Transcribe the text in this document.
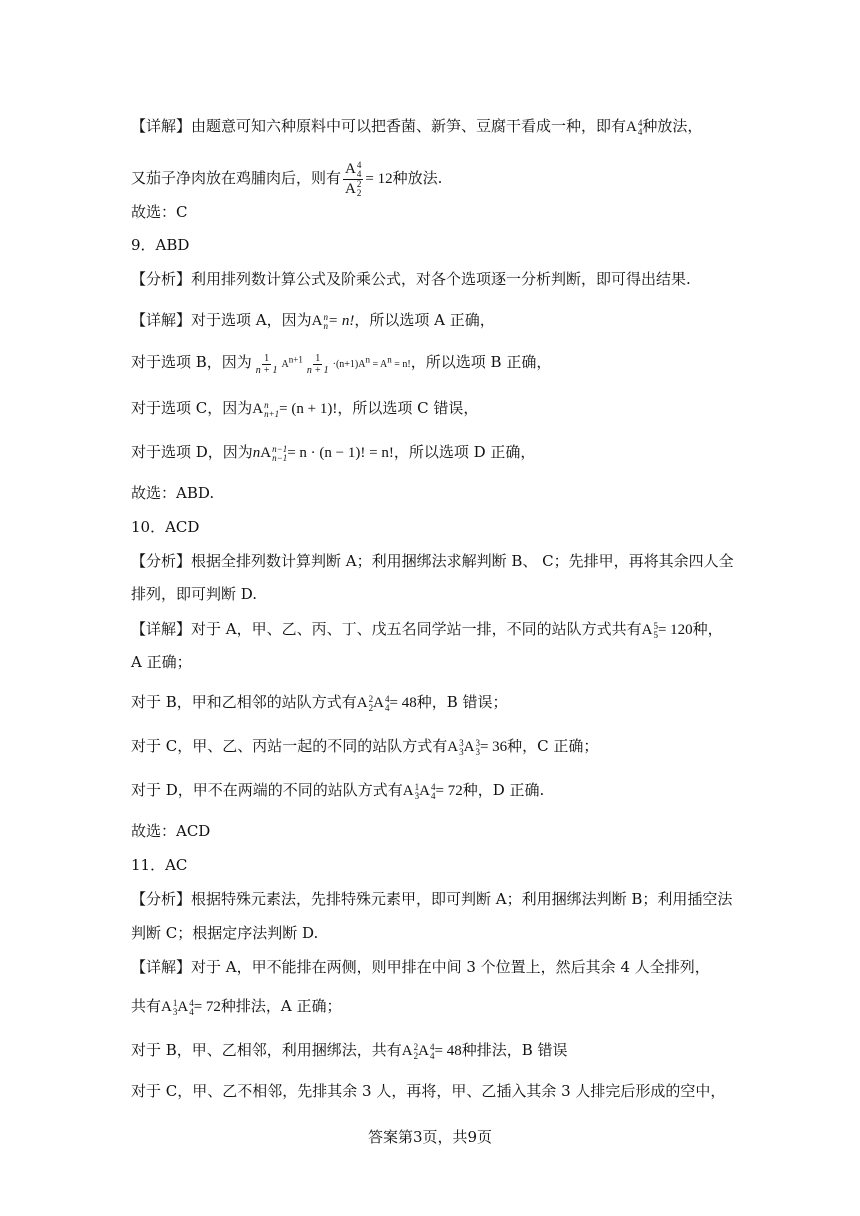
【详解】由题意可知六种原料中可以把香菌、新笋、豆腐干看成一种，即有A 4
4 种放法，
又茄子净肉放在鸡脯肉后，则有 A 4
4
A 2
2 = 12种放法.
故选：C
9．ABD
【分析】利用排列数计算公式及阶乘公式，对各个选项逐一分析判断，即可得出结果.
【详解】对于选项 A，因为A n
n = n!，所以选项 A 正确，
对于选项 B，因为 $\frac{1}{n + 1} A^{n+1} \frac{1}{n + 1} \cdot(n+1)A^n = A^n = n$!，所以选项 B 正确，
对于选项 C，因为A n
n+1 = (n + 1)!，所以选项 C 错误，
对于选项 D，因为nA n−1
n−1 = n · (n − 1)! = n!，所以选项 D 正确，
故选：ABD.
10．ACD
【分析】根据全排列数计算判断 A；利用捆绑法求解判断 B、 C；先排甲，再将其余四人全
排列，即可判断 D.
【详解】对于 A，甲、乙、丙、丁、戊五名同学站一排，不同的站队方式共有A 5
5 = 120种，
A 正确；
对于 B，甲和乙相邻的站队方式有A 2
2 A 4
4 = 48种，B 错误；
对于 C，甲、乙、丙站一起的不同的站队方式有A 3
3 A 3
3 = 36种，C 正确；
对于 D，甲不在两端的不同的站队方式有A 1
3 A 4
4 = 72种，D 正确.
故选：ACD
11．AC
【分析】根据特殊元素法，先排特殊元素甲，即可判断 A；利用捆绑法判断 B；利用插空法
判断 C；根据定序法判断 D.
【详解】对于 A，甲不能排在两侧，则甲排在中间 3 个位置上，然后其余 4 人全排列，
共有A 1
3 A 4
4 = 72种排法，A 正确；
对于 B，甲、乙相邻，利用捆绑法，共有A 2
2 A 4
4 = 48种排法，B 错误
对于 C，甲、乙不相邻，先排其余 3 人，再将，甲、乙插入其余 3 人排完后形成的空中，
答案第3页，共9页
